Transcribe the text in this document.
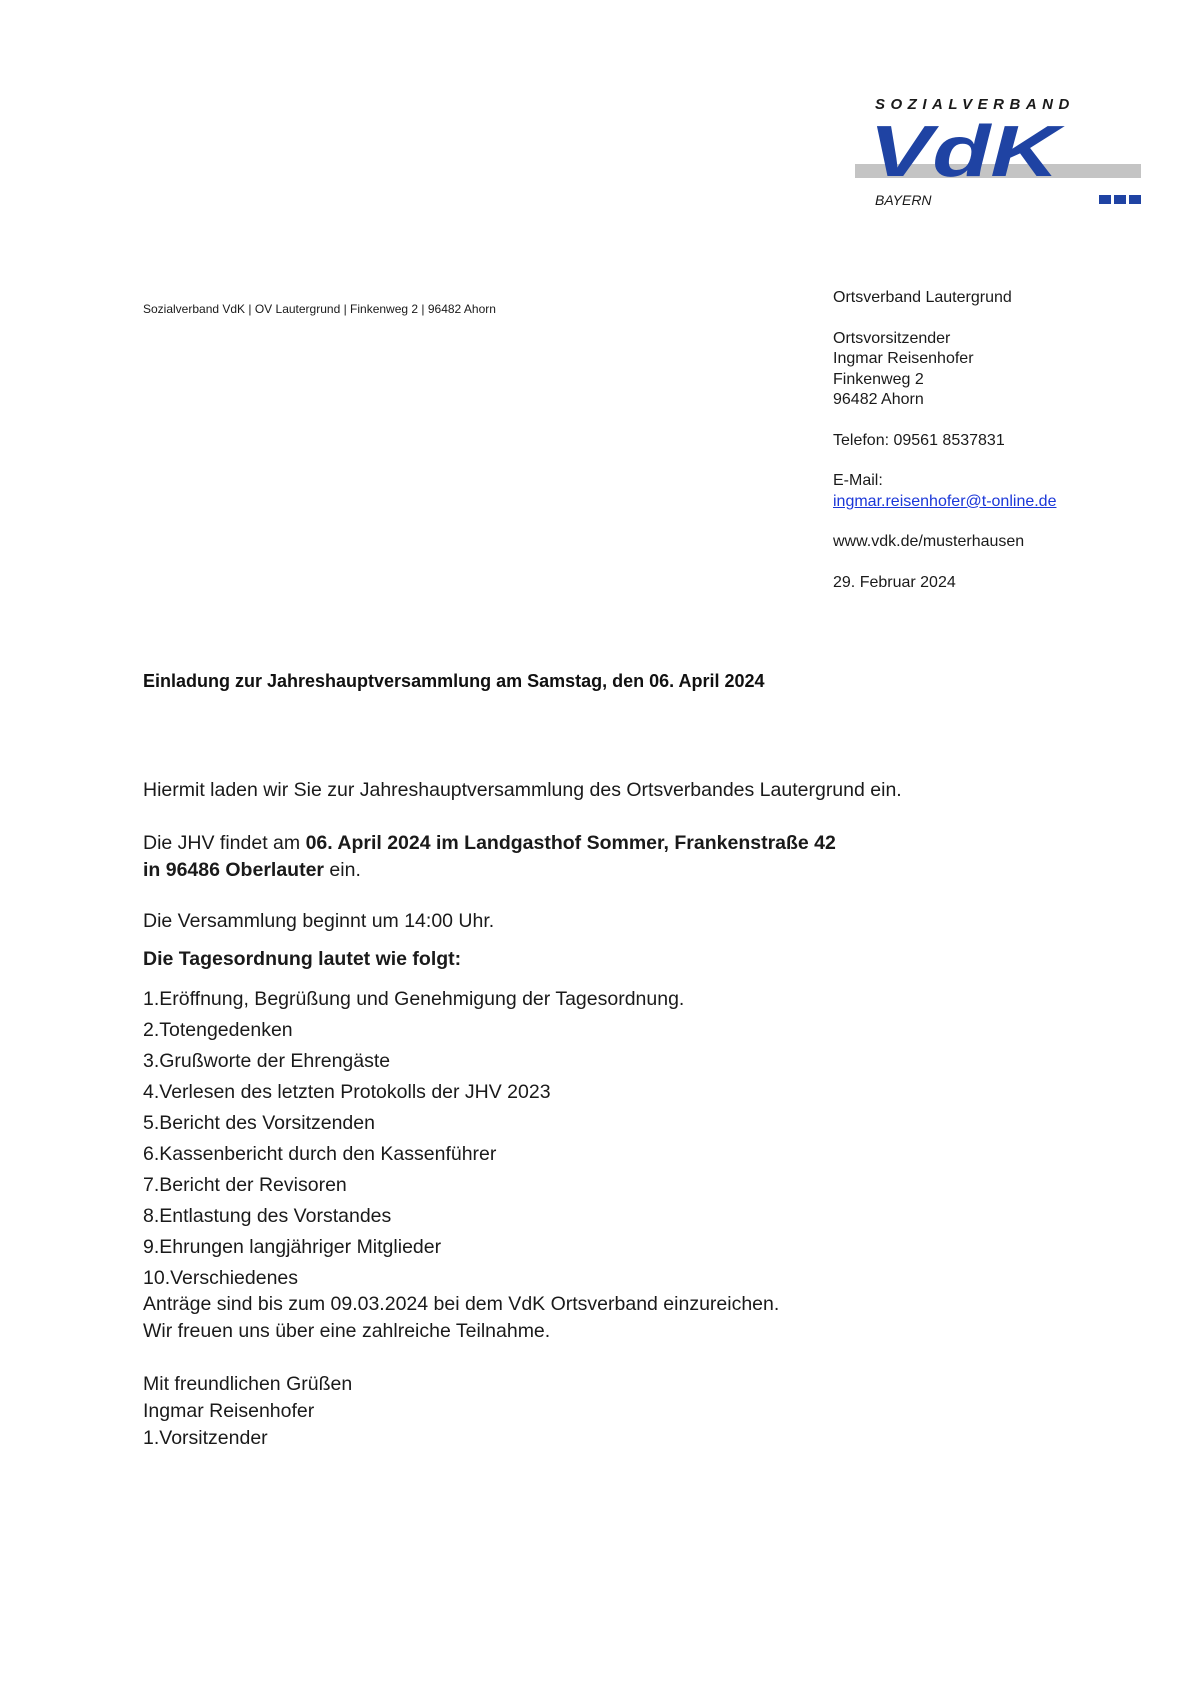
SOZIALVERBAND
VdK
BAYERN
Sozialverband VdK | OV Lautergrund | Finkenweg 2 | 96482 Ahorn
Ortsverband Lautergrund
Ortsvorsitzender
Ingmar Reisenhofer
Finkenweg 2
96482 Ahorn
Telefon: 09561 8537831
E-Mail:
ingmar.reisenhofer@t-online.de
www.vdk.de/musterhausen
29. Februar 2024
Einladung zur Jahreshauptversammlung am Samstag, den 06. April 2024
Hiermit laden wir Sie zur Jahreshauptversammlung des Ortsverbandes Lautergrund ein.
Die JHV findet am 06. April 2024 im Landgasthof Sommer, Frankenstraße 42
in 96486 Oberlauter ein.
Die Versammlung beginnt um 14:00 Uhr.
Die Tagesordnung lautet wie folgt:
1.Eröffnung, Begrüßung und Genehmigung der Tagesordnung.
2.Totengedenken
3.Grußworte der Ehrengäste
4.Verlesen des letzten Protokolls der JHV 2023
5.Bericht des Vorsitzenden
6.Kassenbericht durch den Kassenführer
7.Bericht der Revisoren
8.Entlastung des Vorstandes
9.Ehrungen langjähriger Mitglieder
10.Verschiedenes
Anträge sind bis zum 09.03.2024 bei dem VdK Ortsverband einzureichen.
Wir freuen uns über eine zahlreiche Teilnahme.
Mit freundlichen Grüßen
Ingmar Reisenhofer
1.Vorsitzender
